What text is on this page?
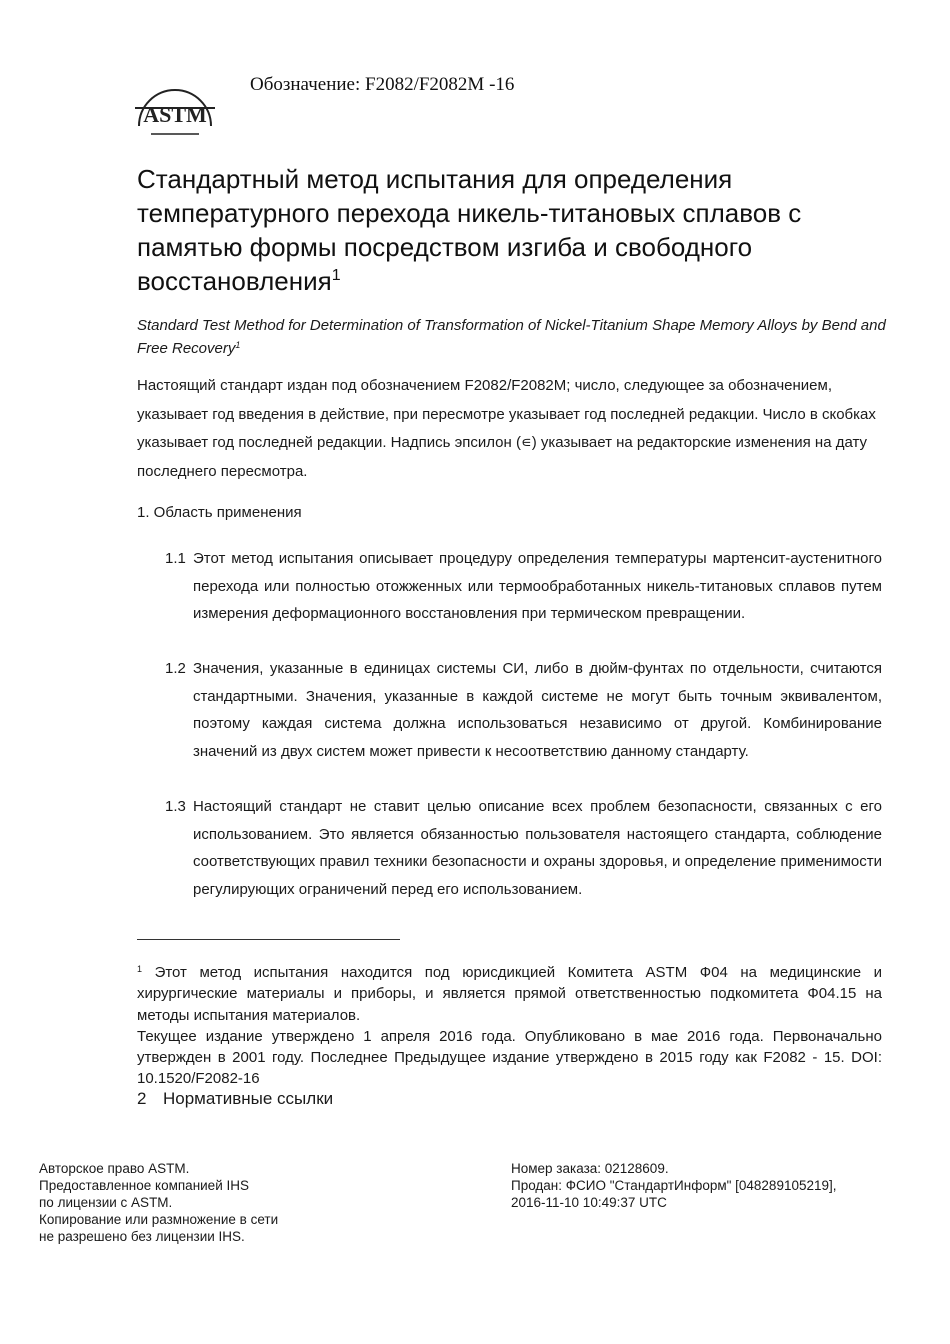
ASTM
Обозначение: F2082/F2082M -16
Стандартный метод испытания для определения температурного перехода никель-титановых сплавов с памятью формы посредством изгиба и свободного восстановления$^1$
Standard Test Method for Determination of Transformation of Nickel-Titanium Shape Memory Alloys by Bend and Free Recovery$^1$
Настоящий стандарт издан под обозначением F2082/F2082M; число, следующее за обозначением, указывает год введения в действие, при пересмотре указывает год последней редакции. Число в скобках указывает год последней редакции. Надпись эпсилон (∊) указывает на редакторские изменения на дату последнего пересмотра.
1. Область применения
1.1 Этот метод испытания описывает процедуру определения температуры мартенсит-аустенитного перехода или полностью отожженных или термообработанных никель-титановых сплавов путем измерения деформационного восстановления при термическом превращении.
1.2 Значения, указанные в единицах системы СИ, либо в дюйм-фунтах по отдельности, считаются стандартными. Значения, указанные в каждой системе не могут быть точным эквивалентом, поэтому каждая система должна использоваться независимо от другой. Комбинирование значений из двух систем может привести к несоответствию данному стандарту.
1.3 Настоящий стандарт не ставит целью описание всех проблем безопасности, связанных с его использованием. Это является обязанностью пользователя настоящего стандарта, соблюдение соответствующих правил техники безопасности и охраны здоровья, и определение применимости регулирующих ограничений перед его использованием.
$^1$ Этот метод испытания находится под юрисдикцией Комитета ASTM Ф04 на медицинские и хирургические материалы и приборы, и является прямой ответственностью подкомитета Ф04.15 на методы испытания материалов.
Текущее издание утверждено 1 апреля 2016 года. Опубликовано в мае 2016 года. Первоначально утвержден в 2001 году. Последнее Предыдущее издание утверждено в 2015 году как F2082 - 15. DOI: 10.1520/F2082-16
2 Нормативные ссылки
Авторское право ASTM.
Предоставленное компанией IHS
по лицензии с ASTM.
Копирование или размножение в сети
не разрешено без лицензии IHS.
Номер заказа: 02128609.
Продан: ФСИО "СтандартИнформ" [048289105219],
2016-11-10 10:49:37 UTC
